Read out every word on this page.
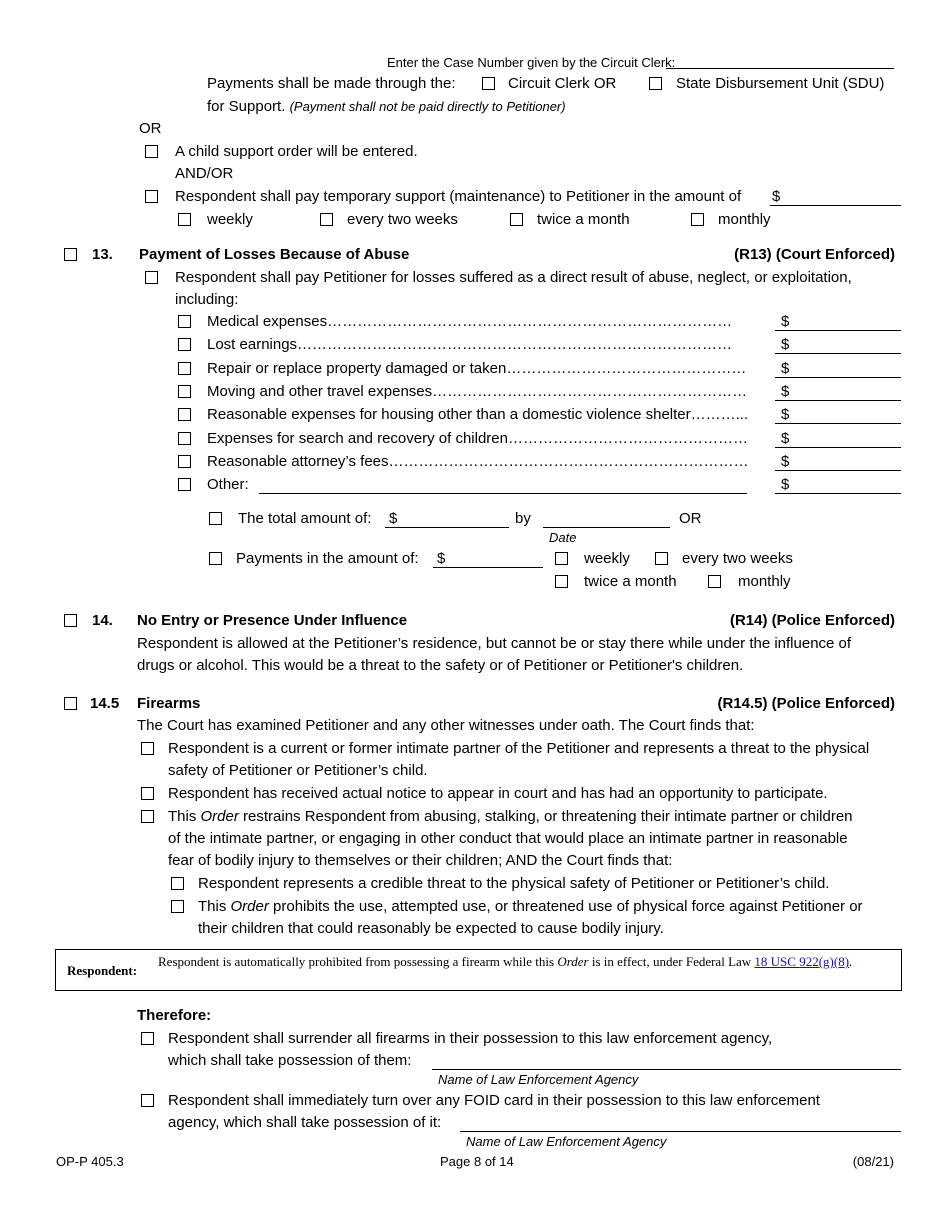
Enter the Case Number given by the Circuit Clerk:
Payments shall be made through the:	Circuit Clerk OR	State Disbursement Unit (SDU)
for Support. (Payment shall not be paid directly to Petitioner)
OR
A child support order will be entered.
AND/OR
Respondent shall pay temporary support (maintenance) to Petitioner in the amount of $
weekly	every two weeks	twice a month	monthly
13. Payment of Losses Because of Abuse	(R13) (Court Enforced)
Respondent shall pay Petitioner for losses suffered as a direct result of abuse, neglect, or exploitation,
including:
Medical expenses………………………………………………………………………	$
Lost earnings……………………………………………………………………………	$
Repair or replace property damaged or taken…………………………………………	$
Moving and other travel expenses………………………………………………………	$
Reasonable expenses for housing other than a domestic violence shelter………...	$
Expenses for search and recovery of children…………………………………………	$
Reasonable attorney’s fees………………………………………………………………	$
Other:	$
The total amount of: $	by	OR
Date
Payments in the amount of: $	weekly	every two weeks
twice a month	monthly
14. No Entry or Presence Under Influence	(R14) (Police Enforced)
Respondent is allowed at the Petitioner’s residence, but cannot be or stay there while under the influence of
drugs or alcohol. This would be a threat to the safety or of Petitioner or Petitioner's children.
14.5 Firearms	(R14.5) (Police Enforced)
The Court has examined Petitioner and any other witnesses under oath. The Court finds that:
Respondent is a current or former intimate partner of the Petitioner and represents a threat to the physical
safety of Petitioner or Petitioner’s child.
Respondent has received actual notice to appear in court and has had an opportunity to participate.
This Order restrains Respondent from abusing, stalking, or threatening their intimate partner or children
of the intimate partner, or engaging in other conduct that would place an intimate partner in reasonable
fear of bodily injury to themselves or their children; AND the Court finds that:
Respondent represents a credible threat to the physical safety of Petitioner or Petitioner’s child.
This Order prohibits the use, attempted use, or threatened use of physical force against Petitioner or
their children that could reasonably be expected to cause bodily injury.
Respondent:
Respondent is automatically prohibited from possessing a firearm while this Order is in effect, under Federal Law 18 USC 922(g)(8).
Therefore:
Respondent shall surrender all firearms in their possession to this law enforcement agency,
which shall take possession of them:
Name of Law Enforcement Agency
Respondent shall immediately turn over any FOID card in their possession to this law enforcement
agency, which shall take possession of it:
Name of Law Enforcement Agency
OP-P 405.3	Page 8 of 14	(08/21)
